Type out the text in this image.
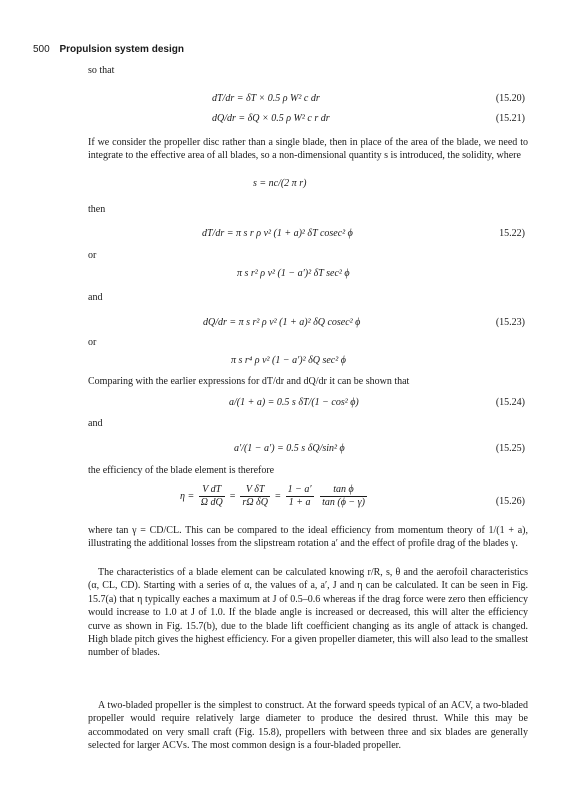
500 Propulsion system design
so that
dT/dr = δT × 0.5 ρ W² c dr	(15.20)
dQ/dr = δQ × 0.5 ρ W² c r dr	(15.21)
If we consider the propeller disc rather than a single blade, then in place of the area of the blade, we need to integrate to the effective area of all blades, so a non-dimensional quantity s is introduced, the solidity, where
s = nc/(2 π r)
then
dT/dr = π s r ρ v² (1 + a)² δT cosec² ϕ	15.22)
or
π s r² ρ v² (1 − a′)² δT sec² ϕ
and
dQ/dr = π s r² ρ v² (1 + a)² δQ cosec² ϕ	(15.23)
or
π s r⁴ ρ v² (1 − a′)² δQ sec² ϕ
Comparing with the earlier expressions for dT/dr and dQ/dr it can be shown that
a/(1 + a) = 0.5 s δT/(1 − cos² ϕ)	(15.24)
and
a′/(1 − a′) = 0.5 s δQ/sin² ϕ	(15.25)
the efficiency of the blade element is therefore
$\eta = \frac{\text{V dT}}{\text{Ω dQ}} = \frac{\text{V δT}}{\text{rΩ δQ}} = \frac{1 - a'}{1 + a}$
$\frac{\text{tan ϕ}}{\tan (\phi - \gamma)}$	(15.26)
where tan γ = CD/CL. This can be compared to the ideal efficiency from momentum theory of 1/(1 + a), illustrating the additional losses from the slipstream rotation a′ and the effect of profile drag of the blades γ.
The characteristics of a blade element can be calculated knowing r/R, s, θ and the aerofoil characteristics (α, CL, CD). Starting with a series of α, the values of a, a′, J and η can be calculated. It can be seen in Fig. 15.7(a) that η typically eaches a maximum at J of 0.5–0.6 whereas if the drag force were zero then efficiency would increase to 1.0 at J of 1.0. If the blade angle is increased or decreased, this will alter the efficiency curve as shown in Fig. 15.7(b), due to the blade lift coefficient changing as its angle of attack is changed. High blade pitch gives the highest efficiency. For a given propeller diameter, this will also lead to the smallest number of blades.
A two-bladed propeller is the simplest to construct. At the forward speeds typical of an ACV, a two-bladed propeller would require relatively large diameter to produce the desired thrust. While this may be accommodated on very small craft (Fig. 15.8), propellers with between three and six blades are generally selected for larger ACVs. The most common design is a four-bladed propeller.
